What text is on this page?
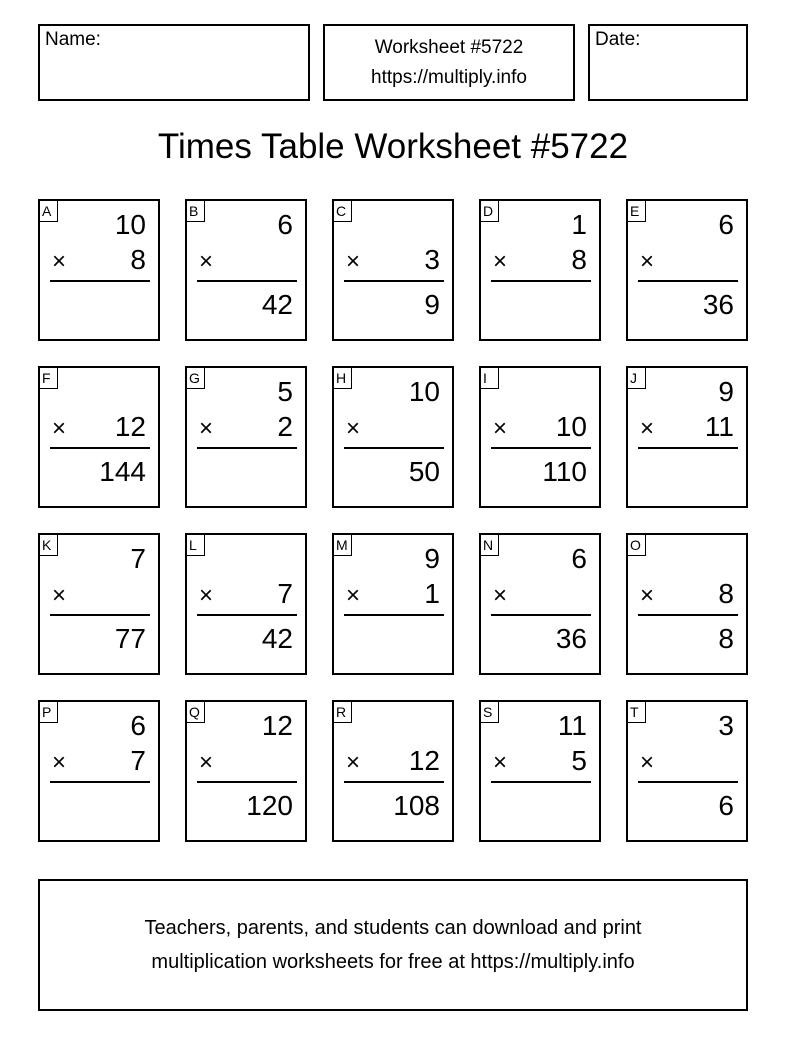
Name:	Worksheet #5722
https://multiply.info
Date:
Times Table Worksheet #5722
A 10
× 8
B	6
×
42
C
× 3
9
D	1
× 8
E	6
×
36
F
× 12
144
G	5
× 2
H 10
×
50
I
× 10
110
J	9
× 11
K	7
×
77
L
× 7
42
M	9
× 1
N	6
×
36
O
× 8
8
P	6
× 7
Q 12
×
120
R
× 12
108
S 11
× 5
T	3
×
6
Teachers, parents, and students can download and print
multiplication worksheets for free at https://multiply.info
